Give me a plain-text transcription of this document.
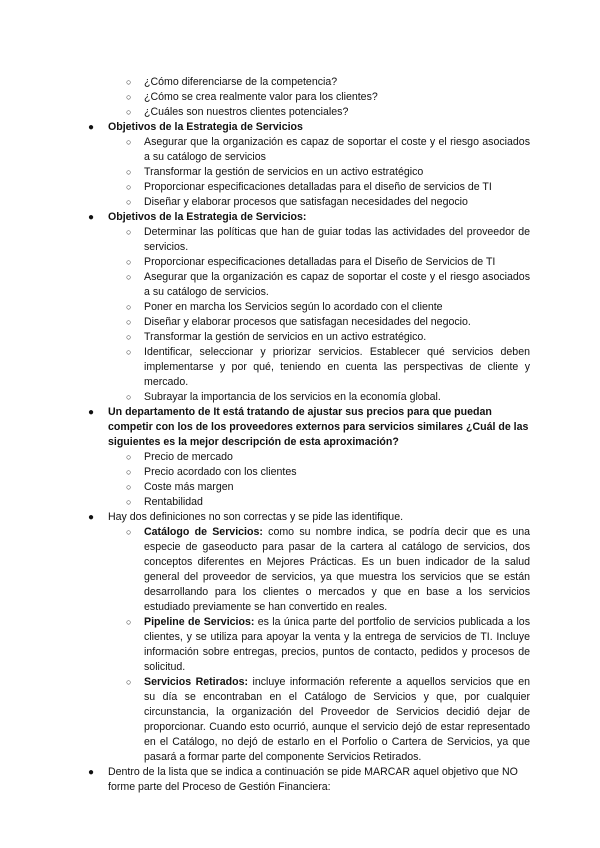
○ ¿Cómo diferenciarse de la competencia?
○ ¿Cómo se crea realmente valor para los clientes?
○ ¿Cuáles son nuestros clientes potenciales?
● Objetivos de la Estrategia de Servicios
○ Asegurar que la organización es capaz de soportar el coste y el riesgo asociados a su catálogo de servicios
○ Transformar la gestión de servicios en un activo estratégico
○ Proporcionar especificaciones detalladas para el diseño de servicios de TI
○ Diseñar y elaborar procesos que satisfagan necesidades del negocio
● Objetivos de la Estrategia de Servicios:
○ Determinar las políticas que han de guiar todas las actividades del proveedor de servicios.
○ Proporcionar especificaciones detalladas para el Diseño de Servicios de TI
○ Asegurar que la organización es capaz de soportar el coste y el riesgo asociados a su catálogo de servicios.
○ Poner en marcha los Servicios según lo acordado con el cliente
○ Diseñar y elaborar procesos que satisfagan necesidades del negocio.
○ Transformar la gestión de servicios en un activo estratégico.
○ Identificar, seleccionar y priorizar servicios. Establecer qué servicios deben implementarse y por qué, teniendo en cuenta las perspectivas de cliente y mercado.
○ Subrayar la importancia de los servicios en la economía global.
● Un departamento de It está tratando de ajustar sus precios para que puedan competir con los de los proveedores externos para servicios similares ¿Cuál de las siguientes es la mejor descripción de esta aproximación?
○ Precio de mercado
○ Precio acordado con los clientes
○ Coste más margen
○ Rentabilidad
● Hay dos definiciones no son correctas y se pide las identifique.
○ Catálogo de Servicios: como su nombre indica, se podría decir que es una especie de gaseoducto para pasar de la cartera al catálogo de servicios, dos conceptos diferentes en Mejores Prácticas. Es un buen indicador de la salud general del proveedor de servicios, ya que muestra los servicios que se están desarrollando para los clientes o mercados y que en base a los servicios estudiado previamente se han convertido en reales.
○ Pipeline de Servicios: es la única parte del portfolio de servicios publicada a los clientes, y se utiliza para apoyar la venta y la entrega de servicios de TI. Incluye información sobre entregas, precios, puntos de contacto, pedidos y procesos de solicitud.
○ Servicios Retirados: incluye información referente a aquellos servicios que en su día se encontraban en el Catálogo de Servicios y que, por cualquier circunstancia, la organización del Proveedor de Servicios decidió dejar de proporcionar. Cuando esto ocurrió, aunque el servicio dejó de estar representado en el Catálogo, no dejó de estarlo en el Porfolio o Cartera de Servicios, ya que pasará a formar parte del componente Servicios Retirados.
● Dentro de la lista que se indica a continuación se pide MARCAR aquel objetivo que NO forme parte del Proceso de Gestión Financiera:
